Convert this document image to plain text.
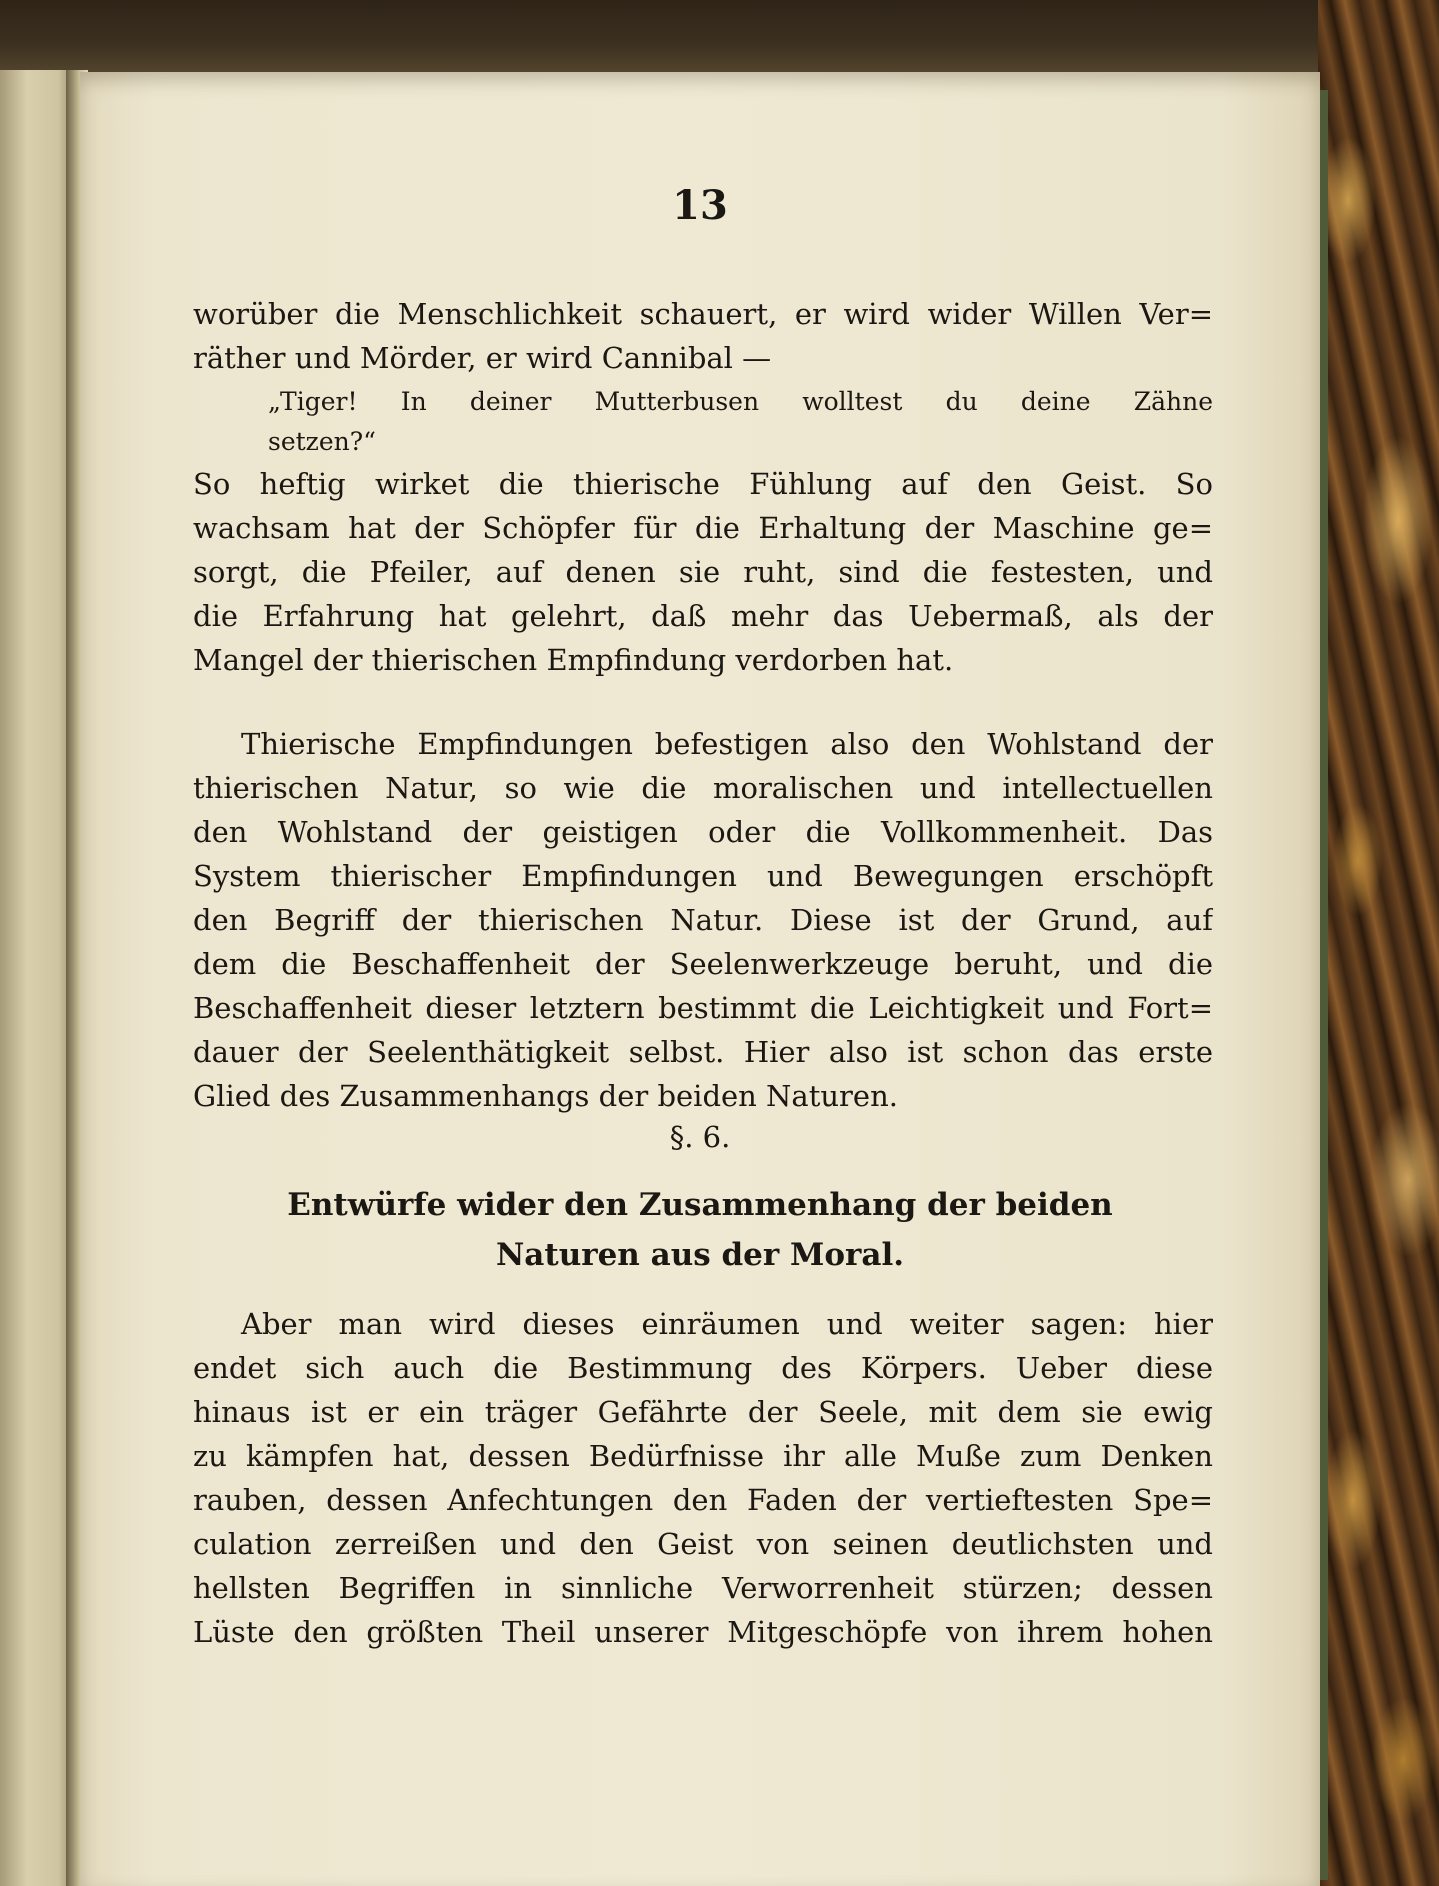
13
worüber die Menschlichkeit schauert, er wird wider Willen Ver=
räther und Mörder, er wird Cannibal —
„Tiger! In deiner Mutterbusen wolltest du deine Zähne
setzen?“
So heftig wirket die thierische Fühlung auf den Geist. So
wachsam hat der Schöpfer für die Erhaltung der Maschine ge=
sorgt, die Pfeiler, auf denen sie ruht, sind die festesten, und
die Erfahrung hat gelehrt, daß mehr das Uebermaß, als der
Mangel der thierischen Empfindung verdorben hat.
Thierische Empfindungen befestigen also den Wohlstand der
thierischen Natur, so wie die moralischen und intellectuellen
den Wohlstand der geistigen oder die Vollkommenheit. Das
System thierischer Empfindungen und Bewegungen erschöpft
den Begriff der thierischen Natur. Diese ist der Grund, auf
dem die Beschaffenheit der Seelenwerkzeuge beruht, und die
Beschaffenheit dieser letztern bestimmt die Leichtigkeit und Fort=
dauer der Seelenthätigkeit selbst. Hier also ist schon das erste
Glied des Zusammenhangs der beiden Naturen.
§. 6.
Entwürfe wider den Zusammenhang der beiden
Naturen aus der Moral.
Aber man wird dieses einräumen und weiter sagen: hier
endet sich auch die Bestimmung des Körpers. Ueber diese
hinaus ist er ein träger Gefährte der Seele, mit dem sie ewig
zu kämpfen hat, dessen Bedürfnisse ihr alle Muße zum Denken
rauben, dessen Anfechtungen den Faden der vertieftesten Spe=
culation zerreißen und den Geist von seinen deutlichsten und
hellsten Begriffen in sinnliche Verworrenheit stürzen; dessen
Lüste den größten Theil unserer Mitgeschöpfe von ihrem hohen
